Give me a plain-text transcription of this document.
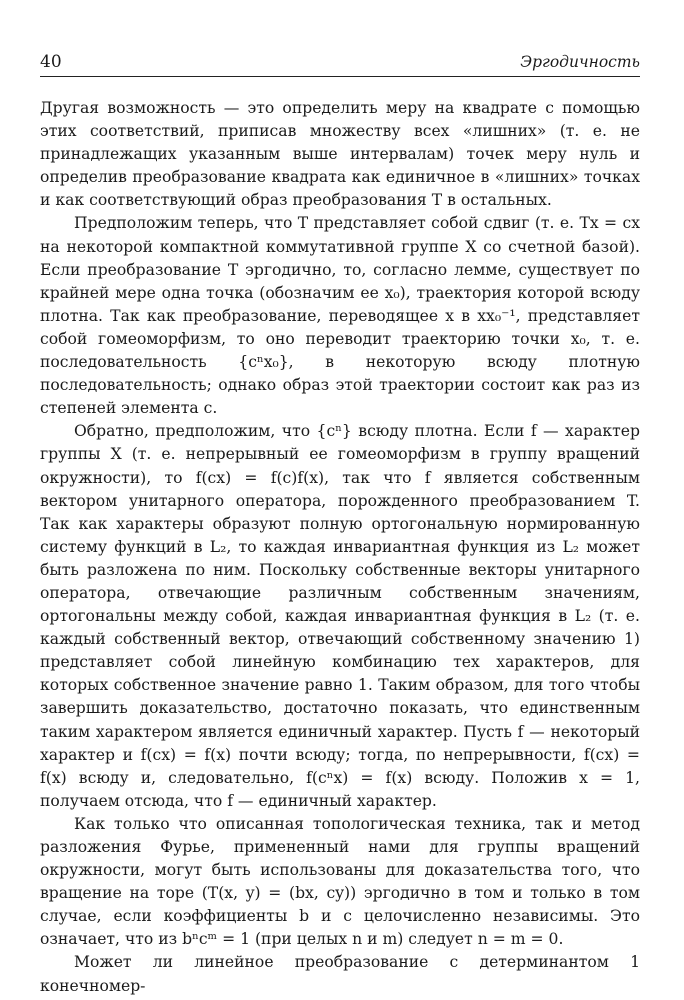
40	Эргодичность

Другая возможность — это определить меру на квадрате с помощью этих соответствий, приписав множеству всех «лишних» (т. е. не принадлежащих указанным выше интервалам) точек меру нуль и определив преобразование квадрата как единичное в «лишних» точках и как соответствующий образ преобразования T в остальных.

Предположим теперь, что T представляет собой сдвиг (т. е. Tx = cx на некоторой компактной коммутативной группе X со счетной базой). Если преобразование T эргодично, то, согласно лемме, существует по крайней мере одна точка (обозначим ее x₀), траектория которой всюду плотна. Так как преобразование, переводящее x в xx₀⁻¹, представляет собой гомеоморфизм, то оно переводит траекторию точки x₀, т. е. последовательность {cⁿx₀}, в некоторую всюду плотную последовательность; однако образ этой траектории состоит как раз из степеней элемента c.

Обратно, предположим, что {cⁿ} всюду плотна. Если f — характер группы X (т. е. непрерывный ее гомеоморфизм в группу вращений окружности), то f(cx) = f(c)f(x), так что f является собственным вектором унитарного оператора, порожденного преобразованием T. Так как характеры образуют полную ортогональную нормированную систему функций в L₂, то каждая инвариантная функция из L₂ может быть разложена по ним. Поскольку собственные векторы унитарного оператора, отвечающие различным собственным значениям, ортогональны между собой, каждая инвариантная функция в L₂ (т. е. каждый собственный вектор, отвечающий собственному значению 1) представляет собой линейную комбинацию тех характеров, для которых собственное значение равно 1. Таким образом, для того чтобы завершить доказательство, достаточно показать, что единственным таким характером является единичный характер. Пусть f — некоторый характер и f(cx) = f(x) почти всюду; тогда, по непрерывности, f(cx) = f(x) всюду и, следовательно, f(cⁿx) = f(x) всюду. Положив x = 1, получаем отсюда, что f — единичный характер.

Как только что описанная топологическая техника, так и метод разложения Фурье, примененный нами для группы вращений окружности, могут быть использованы для доказательства того, что вращение на торе (T(x, y) = (bx, cy)) эргодично в том и только в том случае, если коэффициенты b и c целочисленно независимы. Это означает, что из bⁿcᵐ = 1 (при целых n и m) следует n = m = 0.

Может ли линейное преобразование с детерминантом 1 конечномер-
